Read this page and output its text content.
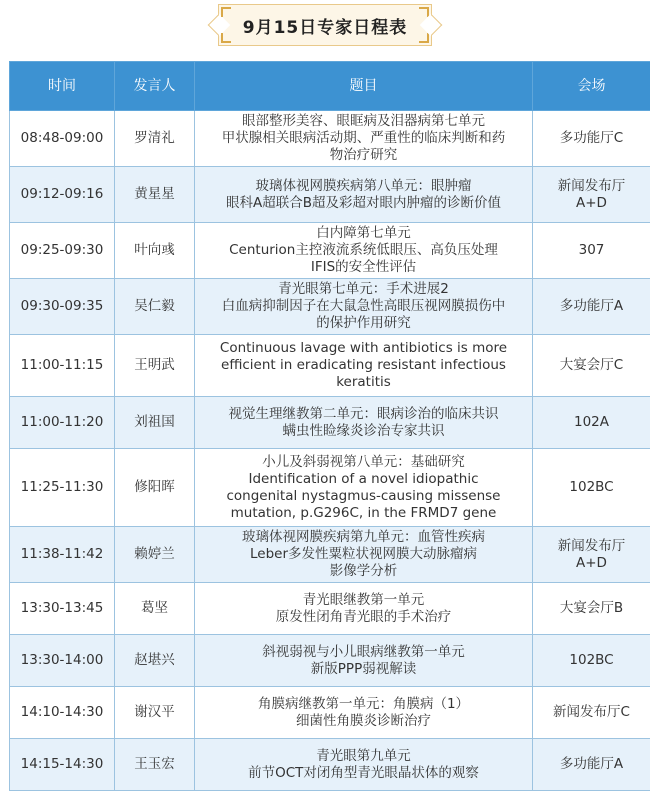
9月15日专家日程表
时间	发言人	题目	会场
08:48-09:00	罗清礼	眼部整形美容、眼眶病及泪器病第七单元
甲状腺相关眼病活动期、严重性的临床判断和药
物治疗研究	多功能厅C

09:12-09:16	黄星星	玻璃体视网膜疾病第八单元：眼肿瘤
眼科A超联合B超及彩超对眼内肿瘤的诊断价值	新闻发布厅
A+D

09:25-09:30	叶向彧	白内障第七单元
Centurion主控液流系统低眼压、高负压处理
IFIS的安全性评估	307

09:30-09:35	吴仁毅	青光眼第七单元：手术进展2
白血病抑制因子在大鼠急性高眼压视网膜损伤中
的保护作用研究	多功能厅A

11:00-11:15	王明武	Continuous lavage with antibiotics is more
efficient in eradicating resistant infectious
keratitis	大宴会厅C

11:00-11:20	刘祖国	视觉生理继教第二单元：眼病诊治的临床共识
螨虫性睑缘炎诊治专家共识	102A

11:25-11:30	修阳晖	小儿及斜弱视第八单元：基础研究
Identification of a novel idiopathic
congenital nystagmus-causing missense
mutation, p.G296C, in the FRMD7 gene	102BC

11:38-11:42	赖婷兰	玻璃体视网膜疾病第九单元：血管性疾病
Leber多发性粟粒状视网膜大动脉瘤病
影像学分析	新闻发布厅
A+D

13:30-13:45	葛坚	青光眼继教第一单元
原发性闭角青光眼的手术治疗	大宴会厅B

13:30-14:00	赵堪兴	斜视弱视与小儿眼病继教第一单元
新版PPP弱视解读	102BC

14:10-14:30	谢汉平	角膜病继教第一单元：角膜病（1）
细菌性角膜炎诊断治疗	新闻发布厅C

14:15-14:30	王玉宏	青光眼第九单元
前节OCT对闭角型青光眼晶状体的观察	多功能厅A
